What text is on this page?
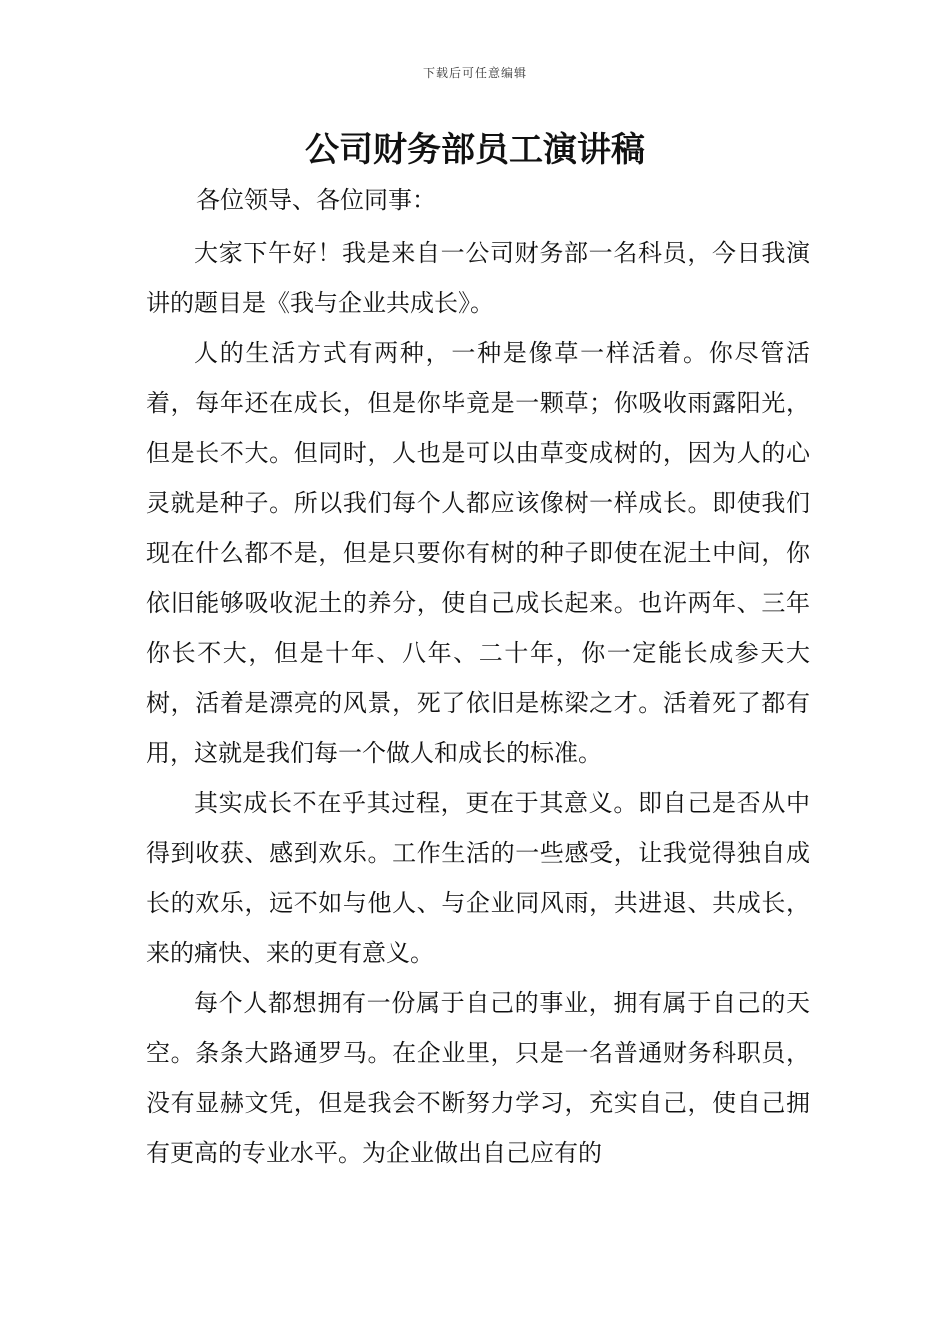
下载后可任意编辑
公司财务部员工演讲稿

各位领导、各位同事：

大家下午好！我是来自一公司财务部一名科员，今日我演讲的题目是《我与企业共成长》。

人的生活方式有两种，一种是像草一样活着。你尽管活着，每年还在成长，但是你毕竟是一颗草；你吸收雨露阳光，但是长不大。但同时，人也是可以由草变成树的，因为人的心灵就是种子。所以我们每个人都应该像树一样成长。即使我们现在什么都不是，但是只要你有树的种子即使在泥土中间，你依旧能够吸收泥土的养分，使自己成长起来。也许两年、三年你长不大，但是十年、八年、二十年，你一定能长成参天大树，活着是漂亮的风景，死了依旧是栋梁之才。活着死了都有用，这就是我们每一个做人和成长的标准。

其实成长不在乎其过程，更在于其意义。即自己是否从中得到收获、感到欢乐。工作生活的一些感受，让我觉得独自成长的欢乐，远不如与他人、与企业同风雨，共进退、共成长，来的痛快、来的更有意义。

每个人都想拥有一份属于自己的事业，拥有属于自己的天空。条条大路通罗马。在企业里，只是一名普通财务科职员，没有显赫文凭，但是我会不断努力学习，充实自己，使自己拥有更高的专业水平。为企业做出自己应有的
